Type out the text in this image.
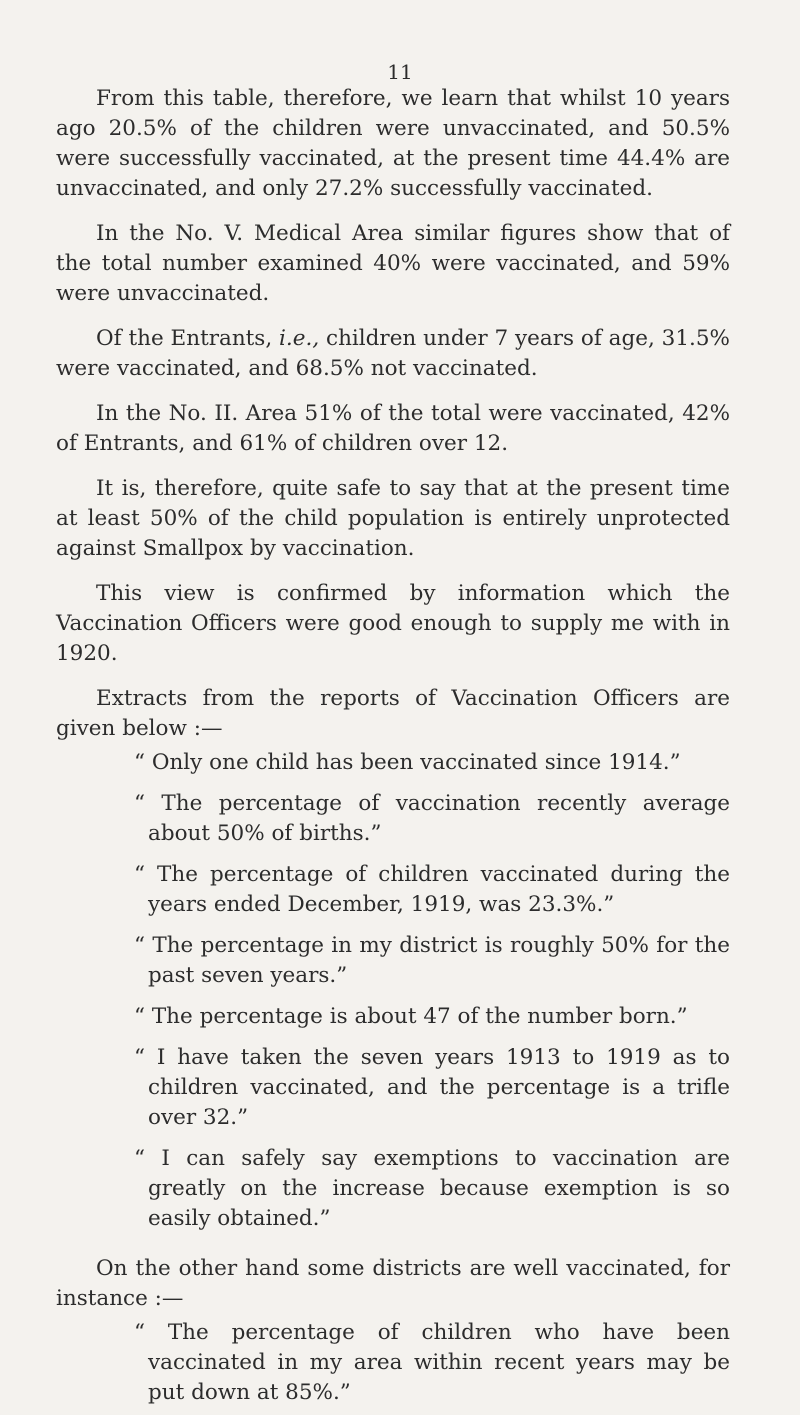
11

From this table, therefore, we learn that whilst 10 years ago 20.5% of the children were unvaccinated, and 50.5% were successfully vaccinated, at the present time 44.4% are unvaccinated, and only 27.2% successfully vaccinated.

In the No. V. Medical Area similar figures show that of the total number examined 40% were vaccinated, and 59% were unvaccinated.

Of the Entrants, i.e., children under 7 years of age, 31.5% were vaccinated, and 68.5% not vaccinated.

In the No. II. Area 51% of the total were vaccinated, 42% of Entrants, and 61% of children over 12.

It is, therefore, quite safe to say that at the present time at least 50% of the child population is entirely unprotected against Smallpox by vaccination.

This view is confirmed by information which the Vaccination Officers were good enough to supply me with in 1920.

Extracts from the reports of Vaccination Officers are given below :—

“ Only one child has been vaccinated since 1914.”

“ The percentage of vaccination recently average about 50% of births.”

“ The percentage of children vaccinated during the years ended December, 1919, was 23.3%.”

“ The percentage in my district is roughly 50% for the past seven years.”

“ The percentage is about 47 of the number born.”

“ I have taken the seven years 1913 to 1919 as to children vaccinated, and the percentage is a trifle over 32.”

“ I can safely say exemptions to vaccination are greatly on the increase because exemption is so easily obtained.”

On the other hand some districts are well vaccinated, for instance :—

“ The percentage of children who have been vaccinated in my area within recent years may be put down at 85%.”
